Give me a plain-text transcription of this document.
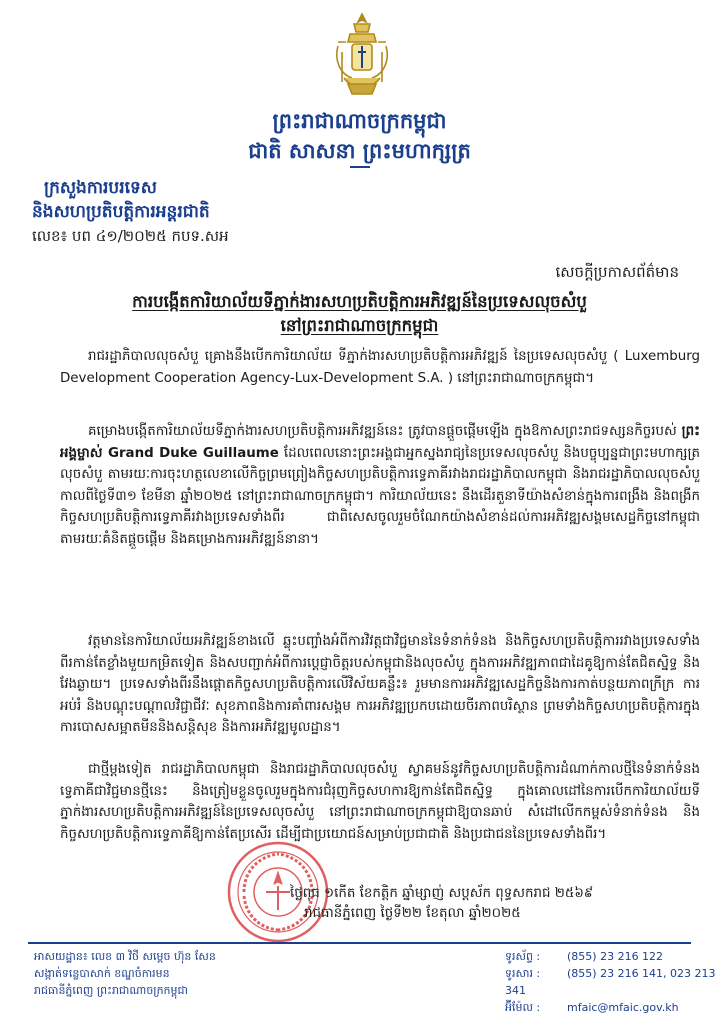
ព្រះរាជាណាចក្រកម្ពុជា
ជាតិ សាសនា ព្រះមហាក្សត្រ
ក្រសួងការបរទេស
និងសហប្រតិបត្តិការអន្តរជាតិ
លេខ៖ បព ៤១/២០២៥ កបទ.សអ
សេចក្តីប្រកាសព័ត៌មាន
ការបង្កើតការិយាល័យទីភ្នាក់ងារសហប្រតិបត្តិការអភិវឌ្ឍន៍នៃប្រទេសលុចសំបួ
នៅព្រះរាជាណាចក្រកម្ពុជា
រាជរដ្ឋាភិបាលលុចសំបួ គ្រោងនឹងបើកការិយាល័យ ទីភ្នាក់ងារសហប្រតិបត្តិការអភិវឌ្ឍន៍ នៃប្រទេសលុចសំបួ ( Luxemburg Development Cooperation Agency-Lux-Development S.A. ) នៅព្រះរាជាណាចក្រកម្ពុជា។
គម្រោងបង្កើតការិយាល័យទីភ្នាក់ងារសហប្រតិបត្តិការអភិវឌ្ឍន៍នេះ ត្រូវបានផ្តួចផ្តើមឡើង ក្នុងឱកាសព្រះរាជទស្សនកិច្ចរបស់ ព្រះអង្គម្ចាស់ Grand Duke Guillaume ដែលពេលនោះព្រះអង្គជាអ្នកស្នងរាជ្យនៃប្រទេសលុចសំបួ និងបច្ចុប្បន្នជាព្រះមហាក្សត្រលុចសំបួ តាមរយៈការចុះហត្ថលេខាលើកិច្ចព្រមព្រៀងកិច្ចសហប្រតិបត្តិការទ្វេភាគីរវាងរាជរដ្ឋាភិបាលកម្ពុជា និងរាជរដ្ឋាភិបាលលុចសំបួ កាលពីថ្ងៃទី៣១ ខែមីនា ឆ្នាំ២០២៥ នៅព្រះរាជាណាចក្រកម្ពុជា។ ការិយាល័យនេះ នឹងដើរតួនាទីយ៉ាងសំខាន់ក្នុងការពង្រឹង និងពង្រីកកិច្ចសហប្រតិបត្តិការទ្វេភាគីរវាងប្រទេសទាំងពីរ ជាពិសេសចូលរួមចំណែកយ៉ាងសំខាន់ដល់ការអភិវឌ្ឍសង្គមសេដ្ឋកិច្ចនៅកម្ពុជា តាមរយៈគំនិតផ្តួចផ្តើម និងគម្រោងការអភិវឌ្ឍន៍នានា។
វត្តមាននៃការិយាល័យអភិវឌ្ឍន៍ខាងលើ ឆ្លុះបញ្ចាំងអំពីការវិវត្តជាវិជ្ជមាននៃទំនាក់ទំនង និងកិច្ចសហប្រតិបត្តិការរវាងប្រទេសទាំងពីរកាន់តែខ្លាំងមួយកម្រិតទៀត និងសបញ្ជាក់អំពីការប្តេជ្ញាចិត្តរបស់កម្ពុជានិងលុចសំបួ ក្នុងការអភិវឌ្ឍភាពជាដៃគូឱ្យកាន់តែជិតស្និទ្ធ និងវែងឆ្ងាយ។ ប្រទេសទាំងពីរនឹងផ្តោតកិច្ចសហប្រតិបត្តិការលើវិស័យគន្លឹះ៖ រួមមានការអភិវឌ្ឍសេដ្ឋកិច្ចនិងការកាត់បន្ថយភាពក្រីក្រ ការអប់រំ និងបណ្តុះបណ្តាលវិជ្ជាជីវៈ សុខភាពនិងការគាំពារសង្គម ការអភិវឌ្ឍប្រកបដោយចីរភាពបរិស្ថាន ព្រមទាំងកិច្ចសហប្រតិបត្តិការក្នុងការបោសសម្អាតមីននិងសន្តិសុខ និងការអភិវឌ្ឍមូលដ្ឋាន។
ជាថ្មីម្តងទៀត រាជរដ្ឋាភិបាលកម្ពុជា និងរាជរដ្ឋាភិបាលលុចសំបួ ស្វាគមន៍នូវកិច្ចសហប្រតិបត្តិការដំណាក់កាលថ្មីនៃទំនាក់ទំនងទ្វេភាគីជាវិជ្ជមានថ្មីនេះ និងត្រៀមខ្លួនចូលរួមក្នុងការជំរុញកិច្ចសហការឱ្យកាន់តែជិតស្និទ្ធ ក្នុងគោលដៅនៃការបើកការិយាល័យទីភ្នាក់ងារសហប្រតិបត្តិការអភិវឌ្ឍន៍នៃប្រទេសលុចសំបួ នៅព្រះរាជាណាចក្រកម្ពុជាឱ្យបានឆាប់ សំដៅលើកកម្ពស់ទំនាក់ទំនង និងកិច្ចសហប្រតិបត្តិការទ្វេភាគីឱ្យកាន់តែប្រសើរ ដើម្បីជាប្រយោជន៍សម្រាប់ប្រជាជាតិ និងប្រជាជននៃប្រទេសទាំងពីរ។
ថ្ងៃពុធ ១កើត ខែកត្តិក ឆ្នាំម្សាញ់ សប្តស័ក ពុទ្ធសករាជ ២៥៦៩
រាជធានីភ្នំពេញ ថ្ងៃទី២២ ខែតុលា ឆ្នាំ២០២៥
អាសយដ្ឋាន៖ លេខ ៣ វិថី សម្តេច ហ៊ុន សែន
សង្កាត់ទន្លេបាសាក់ ខណ្ឌចំការមន
រាជធានីភ្នំពេញ ព្រះរាជាណាចក្រកម្ពុជា
ទូរស័ព្ទ : (855) 23 216 122
ទូរសារ : (855) 23 216 141, 023 213 341
អ៊ីម៉ែល : mfaic@mfaic.gov.kh
